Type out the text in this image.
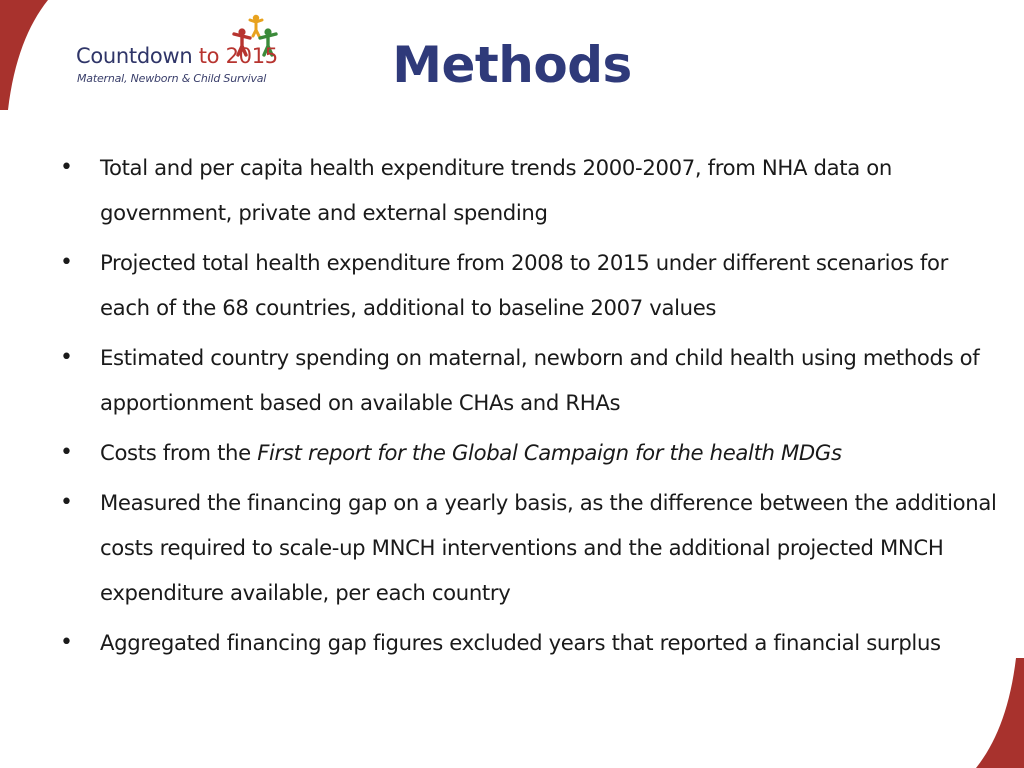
Countdown to 2015
Maternal, Newborn & Child Survival	Methods
• Total and per capita health expenditure trends 2000-2007, from NHA data on government, private and external spending
• Projected total health expenditure from 2008 to 2015 under different scenarios for each of the 68 countries, additional to baseline 2007 values
• Estimated country spending on maternal, newborn and child health using methods of apportionment based on available CHAs and RHAs
• Costs from the First report for the Global Campaign for the health MDGs
• Measured the financing gap on a yearly basis, as the difference between the additional costs required to scale-up MNCH interventions and the additional projected MNCH expenditure available, per each country
• Aggregated financing gap figures excluded years that reported a financial surplus
